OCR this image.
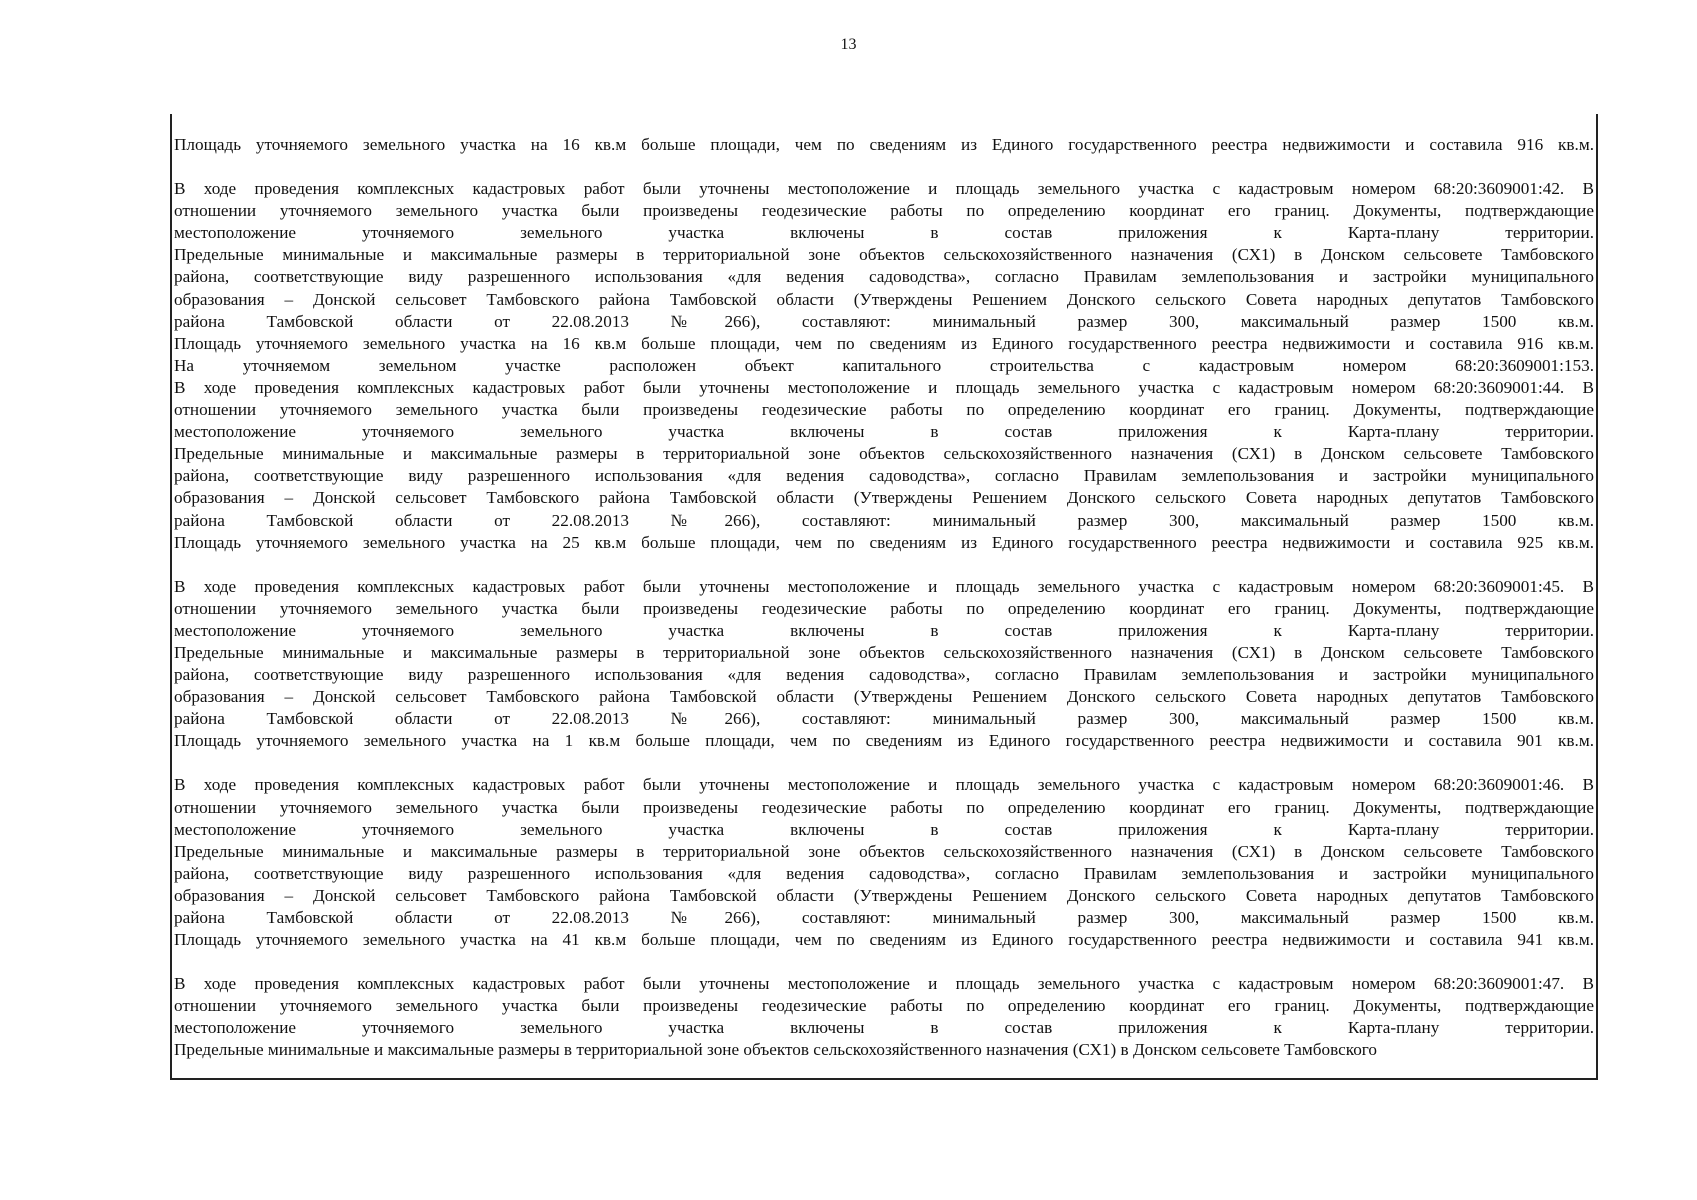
13
Площадь уточняемого земельного участка на 16 кв.м больше площади, чем по сведениям из Единого государственного реестра недвижимости и составила 916 кв.м.
В ходе проведения комплексных кадастровых работ были уточнены местоположение и площадь земельного участка с кадастровым номером 68:20:3609001:42. В
отношении уточняемого земельного участка были произведены геодезические работы по определению координат его границ. Документы, подтверждающие
местоположение уточняемого земельного участка включены в состав приложения к Карта-плану территории.
Предельные минимальные и максимальные размеры в территориальной зоне объектов сельскохозяйственного назначения (СХ1) в Донском сельсовете Тамбовского
района, соответствующие виду разрешенного использования «для ведения садоводства», согласно Правилам землепользования и застройки муниципального
образования – Донской сельсовет Тамбовского района Тамбовской области (Утверждены Решением Донского сельского Совета народных депутатов Тамбовского
района Тамбовской области от 22.08.2013 №266), составляют: минимальный размер 300, максимальный размер 1500 кв.м.
Площадь уточняемого земельного участка на 16 кв.м больше площади, чем по сведениям из Единого государственного реестра недвижимости и составила 916 кв.м.
На уточняемом земельном участке расположен объект капитального строительства с кадастровым номером 68:20:3609001:153.
В ходе проведения комплексных кадастровых работ были уточнены местоположение и площадь земельного участка с кадастровым номером 68:20:3609001:44. В
отношении уточняемого земельного участка были произведены геодезические работы по определению координат его границ. Документы, подтверждающие
местоположение уточняемого земельного участка включены в состав приложения к Карта-плану территории.
Предельные минимальные и максимальные размеры в территориальной зоне объектов сельскохозяйственного назначения (СХ1) в Донском сельсовете Тамбовского
района, соответствующие виду разрешенного использования «для ведения садоводства», согласно Правилам землепользования и застройки муниципального
образования – Донской сельсовет Тамбовского района Тамбовской области (Утверждены Решением Донского сельского Совета народных депутатов Тамбовского
района Тамбовской области от 22.08.2013 №266), составляют: минимальный размер 300, максимальный размер 1500 кв.м.
Площадь уточняемого земельного участка на 25 кв.м больше площади, чем по сведениям из Единого государственного реестра недвижимости и составила 925 кв.м.
В ходе проведения комплексных кадастровых работ были уточнены местоположение и площадь земельного участка с кадастровым номером 68:20:3609001:45. В
отношении уточняемого земельного участка были произведены геодезические работы по определению координат его границ. Документы, подтверждающие
местоположение уточняемого земельного участка включены в состав приложения к Карта-плану территории.
Предельные минимальные и максимальные размеры в территориальной зоне объектов сельскохозяйственного назначения (СХ1) в Донском сельсовете Тамбовского
района, соответствующие виду разрешенного использования «для ведения садоводства», согласно Правилам землепользования и застройки муниципального
образования – Донской сельсовет Тамбовского района Тамбовской области (Утверждены Решением Донского сельского Совета народных депутатов Тамбовского
района Тамбовской области от 22.08.2013 №266), составляют: минимальный размер 300, максимальный размер 1500 кв.м.
Площадь уточняемого земельного участка на 1 кв.м больше площади, чем по сведениям из Единого государственного реестра недвижимости и составила 901 кв.м.
В ходе проведения комплексных кадастровых работ были уточнены местоположение и площадь земельного участка с кадастровым номером 68:20:3609001:46. В
отношении уточняемого земельного участка были произведены геодезические работы по определению координат его границ. Документы, подтверждающие
местоположение уточняемого земельного участка включены в состав приложения к Карта-плану территории.
Предельные минимальные и максимальные размеры в территориальной зоне объектов сельскохозяйственного назначения (СХ1) в Донском сельсовете Тамбовского
района, соответствующие виду разрешенного использования «для ведения садоводства», согласно Правилам землепользования и застройки муниципального
образования – Донской сельсовет Тамбовского района Тамбовской области (Утверждены Решением Донского сельского Совета народных депутатов Тамбовского
района Тамбовской области от 22.08.2013 №266), составляют: минимальный размер 300, максимальный размер 1500 кв.м.
Площадь уточняемого земельного участка на 41 кв.м больше площади, чем по сведениям из Единого государственного реестра недвижимости и составила 941 кв.м.
В ходе проведения комплексных кадастровых работ были уточнены местоположение и площадь земельного участка с кадастровым номером 68:20:3609001:47. В
отношении уточняемого земельного участка были произведены геодезические работы по определению координат его границ. Документы, подтверждающие
местоположение уточняемого земельного участка включены в состав приложения к Карта-плану территории.
Предельные минимальные и максимальные размеры в территориальной зоне объектов сельскохозяйственного назначения (СХ1) в Донском сельсовете Тамбовского
